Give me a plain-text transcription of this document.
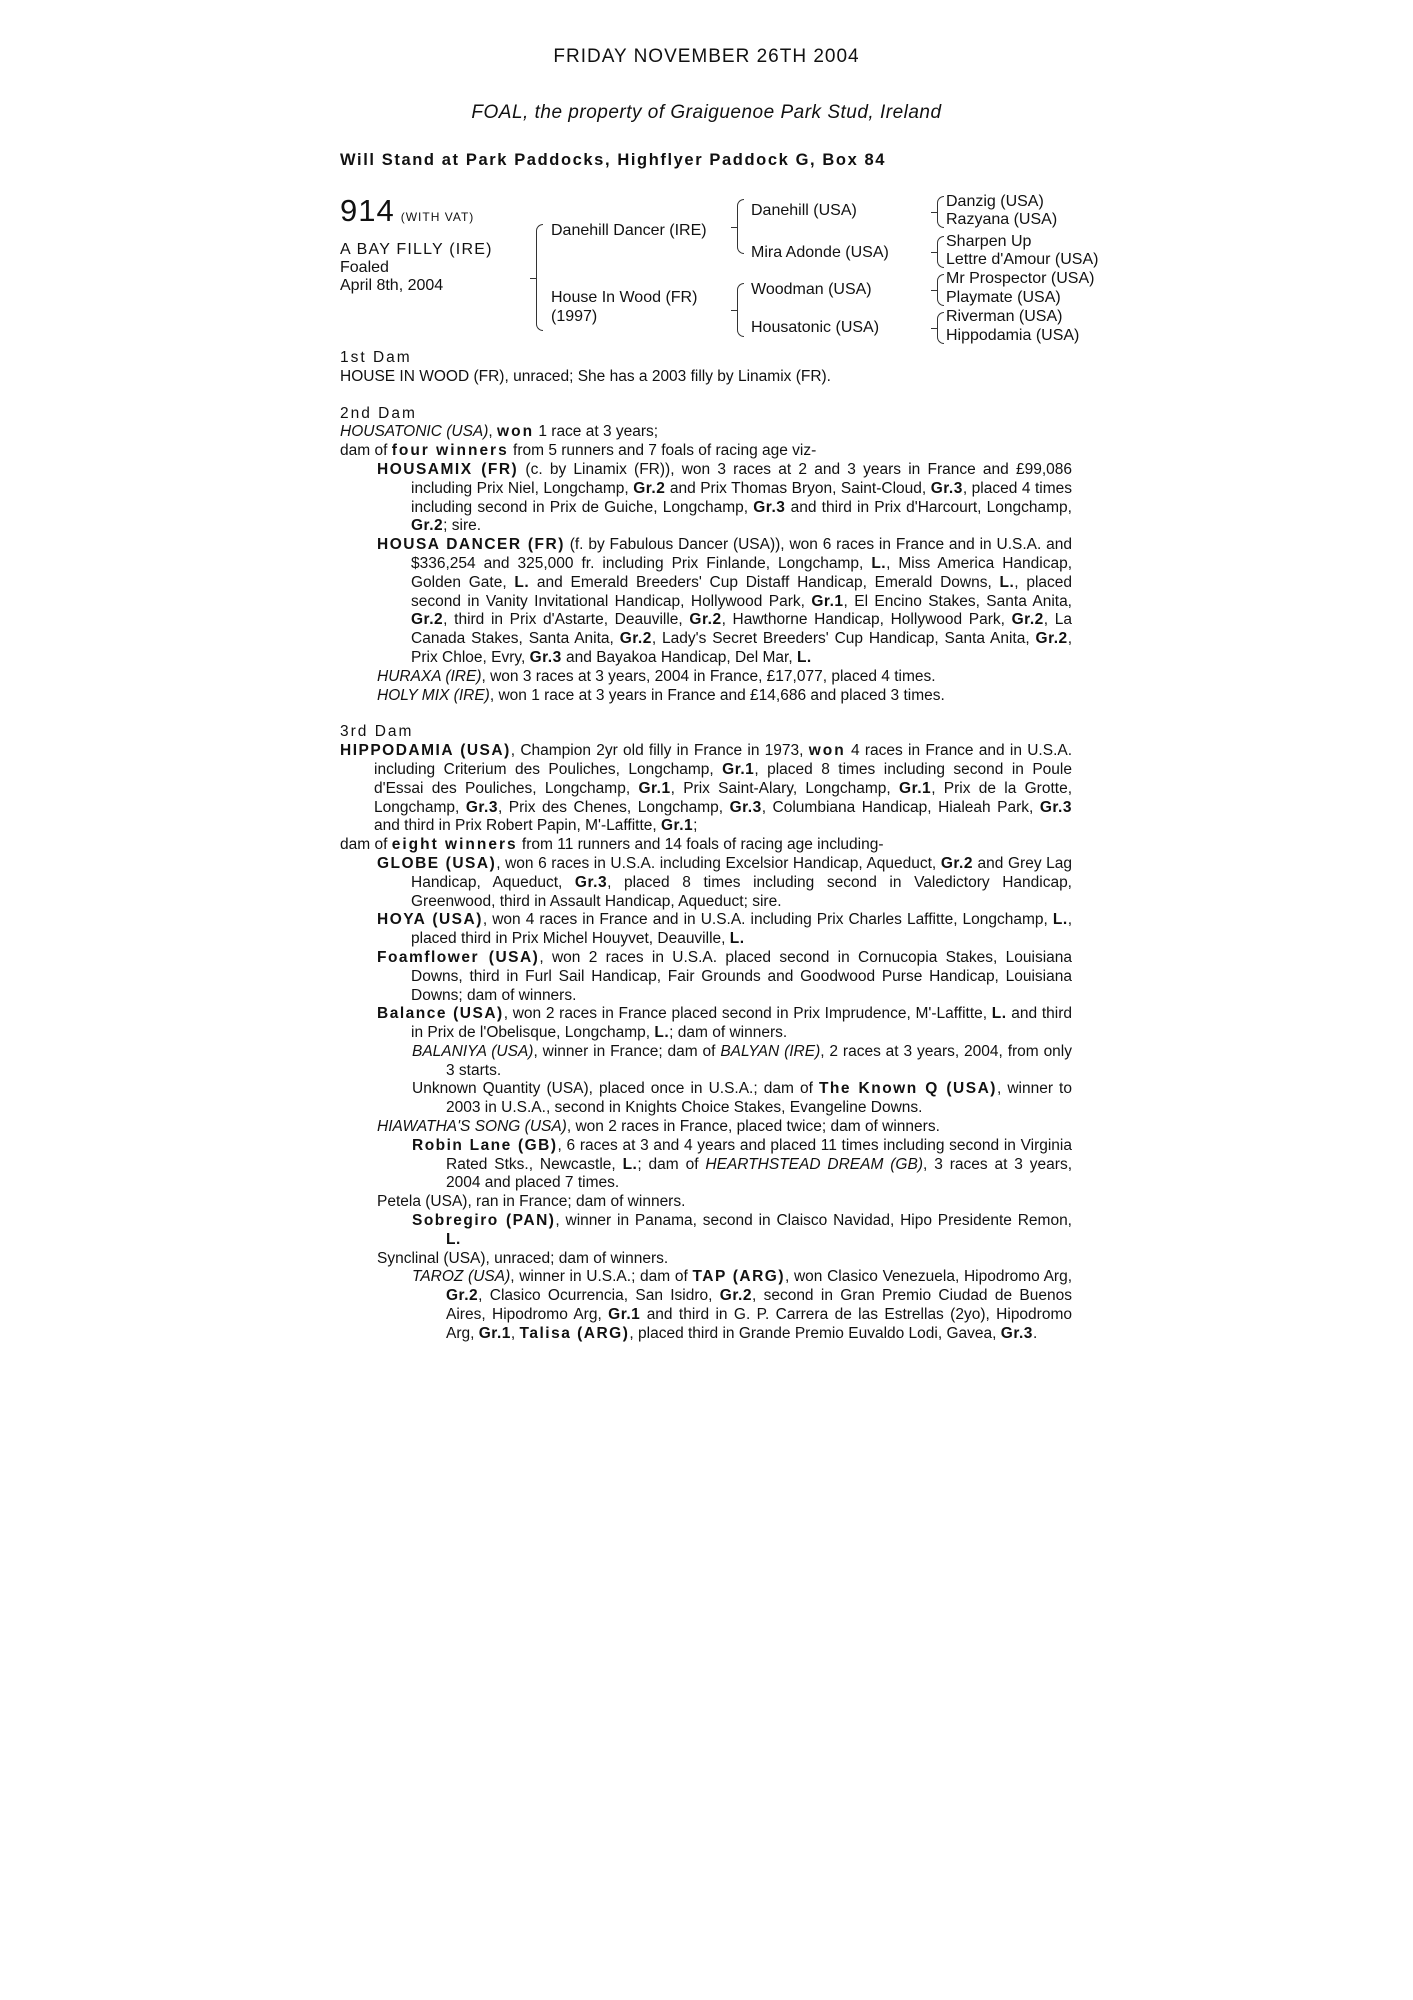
FRIDAY NOVEMBER 26TH 2004
FOAL, the property of Graiguenoe Park Stud, Ireland
Will Stand at Park Paddocks, Highflyer Paddock G, Box 84
914 (WITH VAT)
A BAY FILLY (IRE)
Foaled
April 8th, 2004
Danehill Dancer (IRE)
House In Wood (FR)
(1997)
Danehill (USA)
Mira Adonde (USA)
Woodman (USA)
Housatonic (USA)
Danzig (USA)
Razyana (USA)
Sharpen Up
Lettre d'Amour (USA)
Mr Prospector (USA)
Playmate (USA)
Riverman (USA)
Hippodamia (USA)
1st Dam
HOUSE IN WOOD (FR), unraced; She has a 2003 filly by Linamix (FR).
2nd Dam
HOUSATONIC (USA), won 1 race at 3 years;
dam of four winners from 5 runners and 7 foals of racing age viz-
HOUSAMIX (FR) (c. by Linamix (FR)), won 3 races at 2 and 3 years in France and £99,086 including Prix Niel, Longchamp, Gr.2 and Prix Thomas Bryon, Saint-Cloud, Gr.3, placed 4 times including second in Prix de Guiche, Longchamp, Gr.3 and third in Prix d'Harcourt, Longchamp, Gr.2; sire.
HOUSA DANCER (FR) (f. by Fabulous Dancer (USA)), won 6 races in France and in U.S.A. and $336,254 and 325,000 fr. including Prix Finlande, Longchamp, L., Miss America Handicap, Golden Gate, L. and Emerald Breeders' Cup Distaff Handicap, Emerald Downs, L., placed second in Vanity Invitational Handicap, Hollywood Park, Gr.1, El Encino Stakes, Santa Anita, Gr.2, third in Prix d'Astarte, Deauville, Gr.2, Hawthorne Handicap, Hollywood Park, Gr.2, La Canada Stakes, Santa Anita, Gr.2, Lady's Secret Breeders' Cup Handicap, Santa Anita, Gr.2, Prix Chloe, Evry, Gr.3 and Bayakoa Handicap, Del Mar, L.
HURAXA (IRE), won 3 races at 3 years, 2004 in France, £17,077, placed 4 times.
HOLY MIX (IRE), won 1 race at 3 years in France and £14,686 and placed 3 times.
3rd Dam
HIPPODAMIA (USA), Champion 2yr old filly in France in 1973, won 4 races in France and in U.S.A. including Criterium des Pouliches, Longchamp, Gr.1, placed 8 times including second in Poule d'Essai des Pouliches, Longchamp, Gr.1, Prix Saint-Alary, Longchamp, Gr.1, Prix de la Grotte, Longchamp, Gr.3, Prix des Chenes, Longchamp, Gr.3, Columbiana Handicap, Hialeah Park, Gr.3 and third in Prix Robert Papin, M'-Laffitte, Gr.1;
dam of eight winners from 11 runners and 14 foals of racing age including-
GLOBE (USA), won 6 races in U.S.A. including Excelsior Handicap, Aqueduct, Gr.2 and Grey Lag Handicap, Aqueduct, Gr.3, placed 8 times including second in Valedictory Handicap, Greenwood, third in Assault Handicap, Aqueduct; sire.
HOYA (USA), won 4 races in France and in U.S.A. including Prix Charles Laffitte, Longchamp, L., placed third in Prix Michel Houyvet, Deauville, L.
Foamflower (USA), won 2 races in U.S.A. placed second in Cornucopia Stakes, Louisiana Downs, third in Furl Sail Handicap, Fair Grounds and Goodwood Purse Handicap, Louisiana Downs; dam of winners.
Balance (USA), won 2 races in France placed second in Prix Imprudence, M'-Laffitte, L. and third in Prix de l'Obelisque, Longchamp, L.; dam of winners.
BALANIYA (USA), winner in France; dam of BALYAN (IRE), 2 races at 3 years, 2004, from only 3 starts.
Unknown Quantity (USA), placed once in U.S.A.; dam of The Known Q (USA), winner to 2003 in U.S.A., second in Knights Choice Stakes, Evangeline Downs.
HIAWATHA'S SONG (USA), won 2 races in France, placed twice; dam of winners.
Robin Lane (GB), 6 races at 3 and 4 years and placed 11 times including second in Virginia Rated Stks., Newcastle, L.; dam of HEARTHSTEAD DREAM (GB), 3 races at 3 years, 2004 and placed 7 times.
Petela (USA), ran in France; dam of winners.
Sobregiro (PAN), winner in Panama, second in Claisco Navidad, Hipo Presidente Remon, L.
Synclinal (USA), unraced; dam of winners.
TAROZ (USA), winner in U.S.A.; dam of TAP (ARG), won Clasico Venezuela, Hipodromo Arg, Gr.2, Clasico Ocurrencia, San Isidro, Gr.2, second in Gran Premio Ciudad de Buenos Aires, Hipodromo Arg, Gr.1 and third in G. P. Carrera de las Estrellas (2yo), Hipodromo Arg, Gr.1, Talisa (ARG), placed third in Grande Premio Euvaldo Lodi, Gavea, Gr.3.
